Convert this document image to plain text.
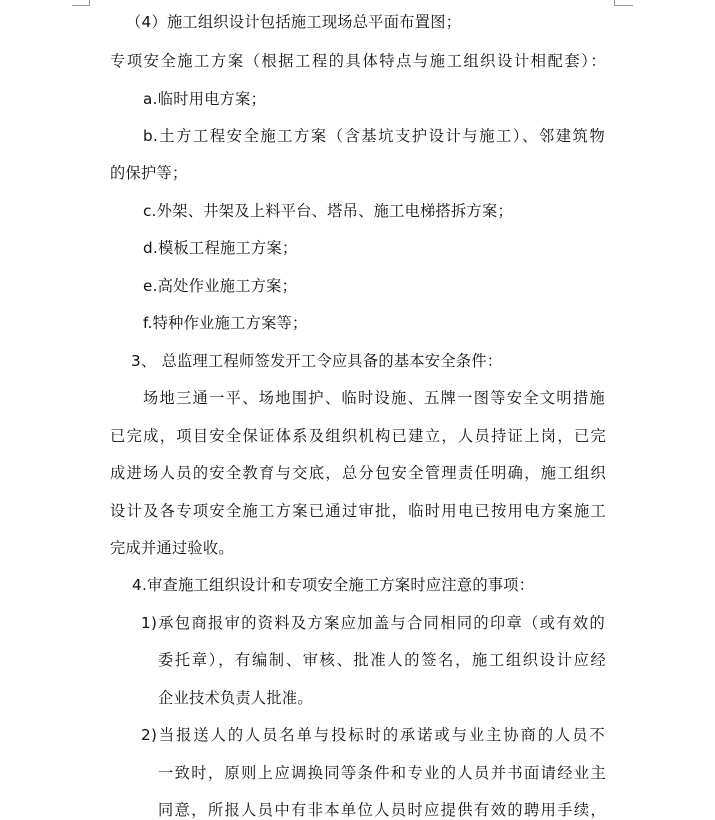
（4）施工组织设计包括施工现场总平面布置图；
专项安全施工方案（根据工程的具体特点与施工组织设计相配套）：
a.临时用电方案；
b.土方工程安全施工方案（含基坑支护设计与施工）、邻建筑物
的保护等；
c.外架、井架及上料平台、塔吊、施工电梯搭拆方案；
d.模板工程施工方案；
e.高处作业施工方案；
f.特种作业施工方案等；
3、 总监理工程师签发开工令应具备的基本安全条件：
场地三通一平、场地围护、临时设施、五牌一图等安全文明措施
已完成，项目安全保证体系及组织机构已建立，人员持证上岗，已完
成进场人员的安全教育与交底，总分包安全管理责任明确，施工组织
设计及各专项安全施工方案已通过审批，临时用电已按用电方案施工
完成并通过验收。
4.审查施工组织设计和专项安全施工方案时应注意的事项：
1)承包商报审的资料及方案应加盖与合同相同的印章（或有效的
委托章），有编制、审核、批准人的签名，施工组织设计应经
企业技术负责人批准。
2)当报送人的人员名单与投标时的承诺或与业主协商的人员不
一致时，原则上应调换同等条件和专业的人员并书面请经业主
同意，所报人员中有非本单位人员时应提供有效的聘用手续，
